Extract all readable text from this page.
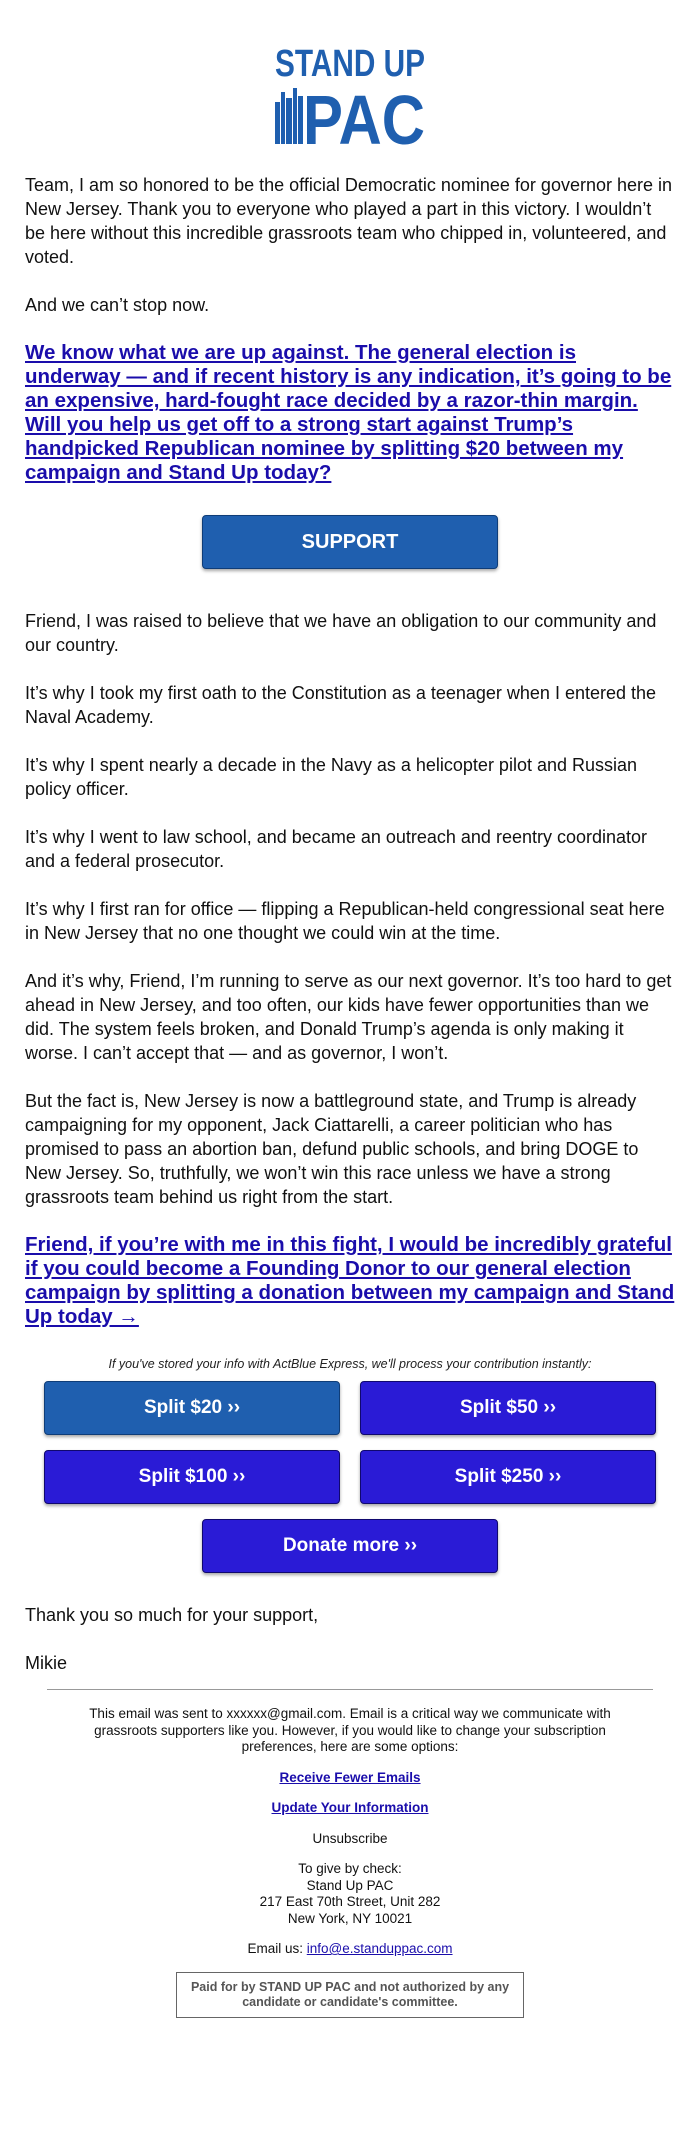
STAND UP
PAC

Team, I am so honored to be the official Democratic nominee for governor here in New Jersey. Thank you to everyone who played a part in this victory. I wouldn’t be here without this incredible grassroots team who chipped in, volunteered, and voted.

And we can’t stop now.

We know what we are up against. The general election is underway — and if recent history is any indication, it’s going to be an expensive, hard-fought race decided by a razor-thin margin. Will you help us get off to a strong start against Trump’s handpicked Republican nominee by splitting $20 between my campaign and Stand Up today?
SUPPORT

Friend, I was raised to believe that we have an obligation to our community and our country.

It’s why I took my first oath to the Constitution as a teenager when I entered the Naval Academy.

It’s why I spent nearly a decade in the Navy as a helicopter pilot and Russian policy officer.

It’s why I went to law school, and became an outreach and reentry coordinator and a federal prosecutor.

It’s why I first ran for office — flipping a Republican-held congressional seat here in New Jersey that no one thought we could win at the time.

And it’s why, Friend, I’m running to serve as our next governor. It’s too hard to get ahead in New Jersey, and too often, our kids have fewer opportunities than we did. The system feels broken, and Donald Trump’s agenda is only making it worse. I can’t accept that — and as governor, I won’t.

But the fact is, New Jersey is now a battleground state, and Trump is already campaigning for my opponent, Jack Ciattarelli, a career politician who has promised to pass an abortion ban, defund public schools, and bring DOGE to New Jersey. So, truthfully, we won’t win this race unless we have a strong grassroots team behind us right from the start.

Friend, if you’re with me in this fight, I would be incredibly grateful if you could become a Founding Donor to our general election campaign by splitting a donation between my campaign and Stand Up today →

If you've stored your info with ActBlue Express, we'll process your contribution instantly:

Split $20 ››	Split $50 ››
Split $100 ››	Split $250 ››
Donate more ››

Thank you so much for your support,

Mikie

This email was sent to xxxxxx@gmail.com. Email is a critical way we communicate with grassroots supporters like you. However, if you would like to change your subscription preferences, here are some options:

Receive Fewer Emails
Update Your Information

Unsubscribe

To give by check:
Stand Up PAC
217 East 70th Street, Unit 282
New York, NY 10021

Email us: info@e.standuppac.com

Paid for by STAND UP PAC and not authorized by any candidate or candidate's committee.
